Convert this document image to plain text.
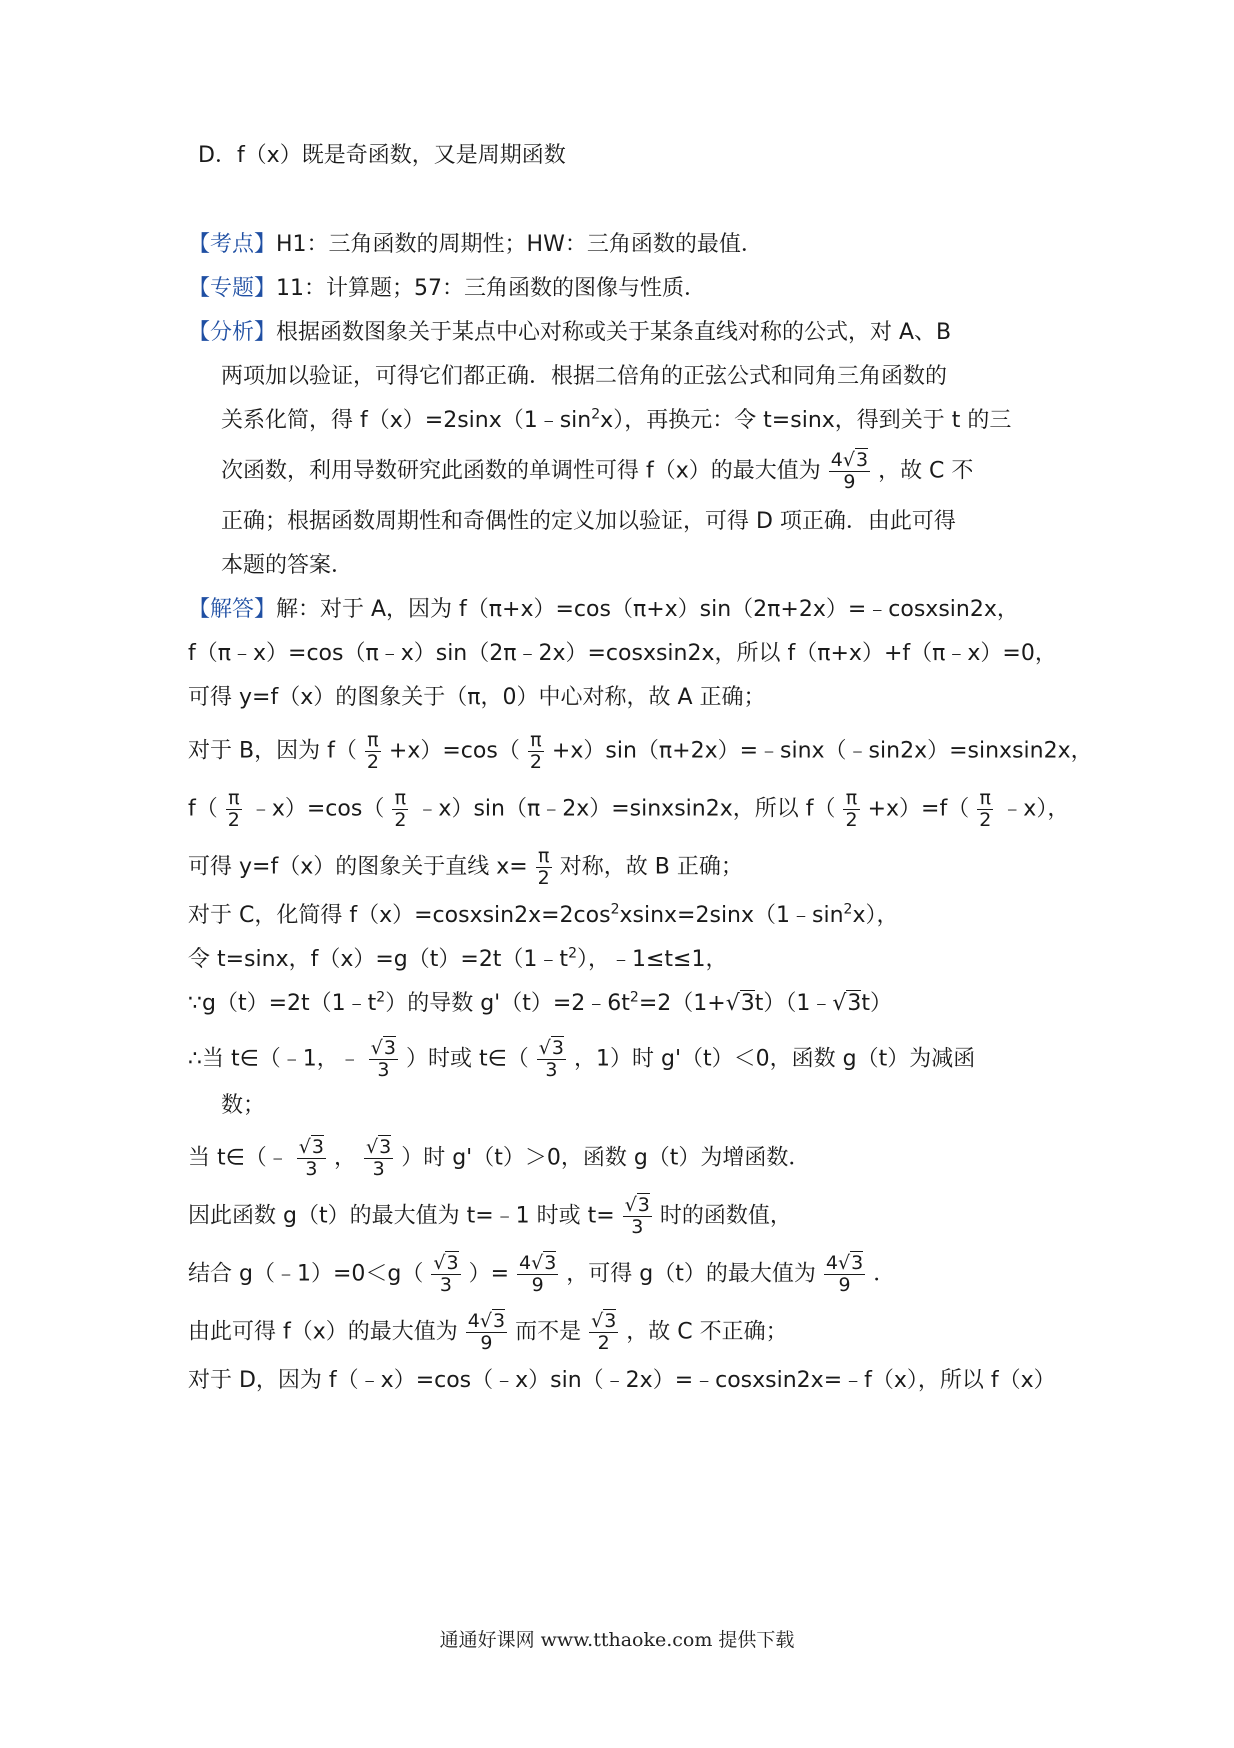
D．f（x）既是奇函数，又是周期函数
【考点】H1：三角函数的周期性；HW：三角函数的最值．
【专题】11：计算题；57：三角函数的图像与性质．
【分析】根据函数图象关于某点中心对称或关于某条直线对称的公式，对 A、B
两项加以验证，可得它们都正确．根据二倍角的正弦公式和同角三角函数的
关系化简，得 $f(x)=2\sin x(1﹣\sin^2x)$，再换元：令 t=sinx，得到关于 t 的三
次函数，利用导数研究此函数的单调性可得 f（x）的最大值为 $\frac{4√3}{9}$ ，故 C 不
正确；根据函数周期性和奇偶性的定义加以验证，可得 D 项正确．由此可得
本题的答案．
【解答】解：对于 A，因为 f（π+x）=cos（π+x）sin（2π+2x）=﹣cosxsin2x，
f（π﹣x）=cos（π﹣x）sin（2π﹣2x）=cosxsin2x，所以 f（π+x）+f（π﹣x）=0，
可得 y=f（x）的图象关于（π，0）中心对称，故 A 正确；
对于 B，因为 $f( \frac{\pi}{2} +x)=\cos( \frac{\pi}{2}$ +x）sin（π+2x）=﹣sinx（﹣sin2x）=sinxsin2x，
$f( \frac{\pi}{2}$ ﹣x）=cos（ $\frac{\pi}{2}$ ﹣x）sin（π﹣2x）=sinxsin2x，所以 $f( \frac{\pi}{2} +x)=f( \frac{\pi}{2}$ ﹣x），
可得 y=f（x）的图象关于直线 $x= \frac{\pi}{2}$ 对称，故 B 正确；
对于 C，化简得 $f(x)=cosxsin2x=2\cos^2xsinx=2\sin x(1﹣\sin^2x)$，
令 t=sinx，$f(x)=g(t)=2t(1﹣t^2)$，﹣1≤t≤1，
$\because g(t)=2t(1﹣t^2)$的导数 $g'(t)=2﹣6t^2=2(1+√3t)(1﹣√3t)$
∴当 t∈（﹣1，﹣ $\frac{√3}{3}$ ）时或 t∈（ $\frac{√3}{3}$ ，1）时 g'（t）＜0，函数 g（t）为减函
数；
当 t∈（﹣ $\frac{√3}{3}$ ， $\frac{√3}{3}$ ）时 g'（t）＞0，函数 g（t）为增函数．
因此函数 g（t）的最大值为 t=﹣1 时或 $t= \frac{√3}{3}$ 时的函数值，
结合 g（﹣1）=0＜g（ $\frac{√3}{3}$ ）= $\frac{4√3}{9}$ ，可得 g（t）的最大值为 $\frac{4√3}{9}$ ．
由此可得 f（x）的最大值为 $\frac{4√3}{9}$ 而不是 $\frac{√3}{2}$ ，故 C 不正确；
对于 D，因为 f（﹣x）=cos（﹣x）sin（﹣2x）=﹣cosxsin2x=﹣f（x），所以 f（x）
通通好课网 www.tthaoke.com 提供下载
